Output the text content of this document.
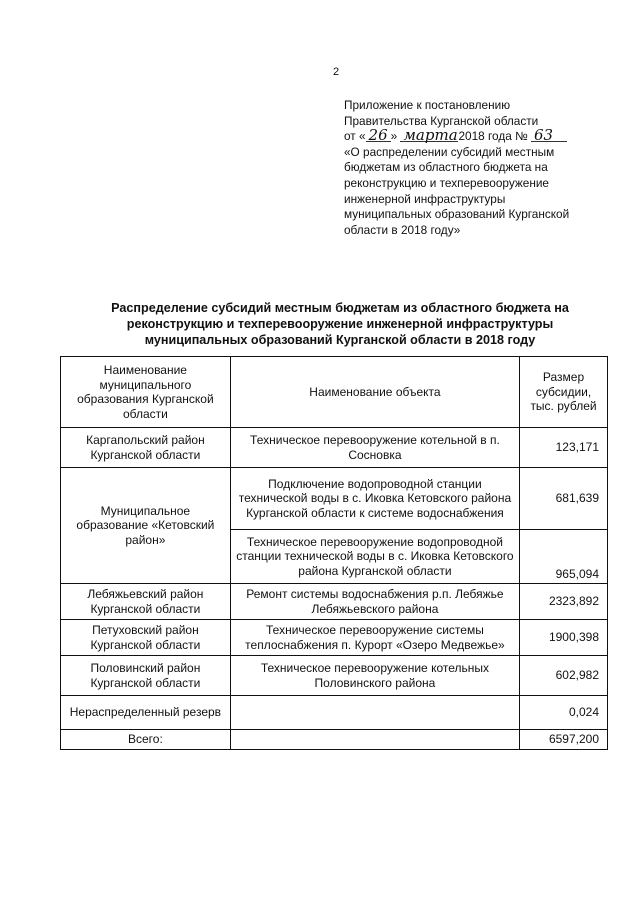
2
Приложение к постановлению
Правительства Курганской области
от « 26 » марта2018 года № 63
«О распределении субсидий местным
бюджетам из областного бюджета на
реконструкцию и техперевооружение
инженерной инфраструктуры
муниципальных образований Курганской
области в 2018 году»
Распределение субсидий местным бюджетам из областного бюджета на
реконструкцию и техперевооружение инженерной инфраструктуры
муниципальных образований Курганской области в 2018 году
Наименование муниципального образования Курганской области	Наименование объекта	Размер субсидии, тыс. рублей
Каргапольский район Курганской области	Техническое перевооружение котельной в п. Сосновка	123,171
Муниципальное образование «Кетовский район»	Подключение водопроводной станции технической воды в с. Иковка Кетовского района Курганской области к системе водоснабжения	681,639
	Техническое перевооружение водопроводной станции технической воды в с. Иковка Кетовского района Курганской области	965,094
Лебяжьевский район Курганской области	Ремонт системы водоснабжения р.п. Лебяжье Лебяжьевского района	2323,892
Петуховский район Курганской области	Техническое перевооружение системы теплоснабжения п. Курорт «Озеро Медвежье»	1900,398
Половинский район Курганской области	Техническое перевооружение котельных Половинского района	602,982
Нераспределенный резерв		0,024
Всего:		6597,200
